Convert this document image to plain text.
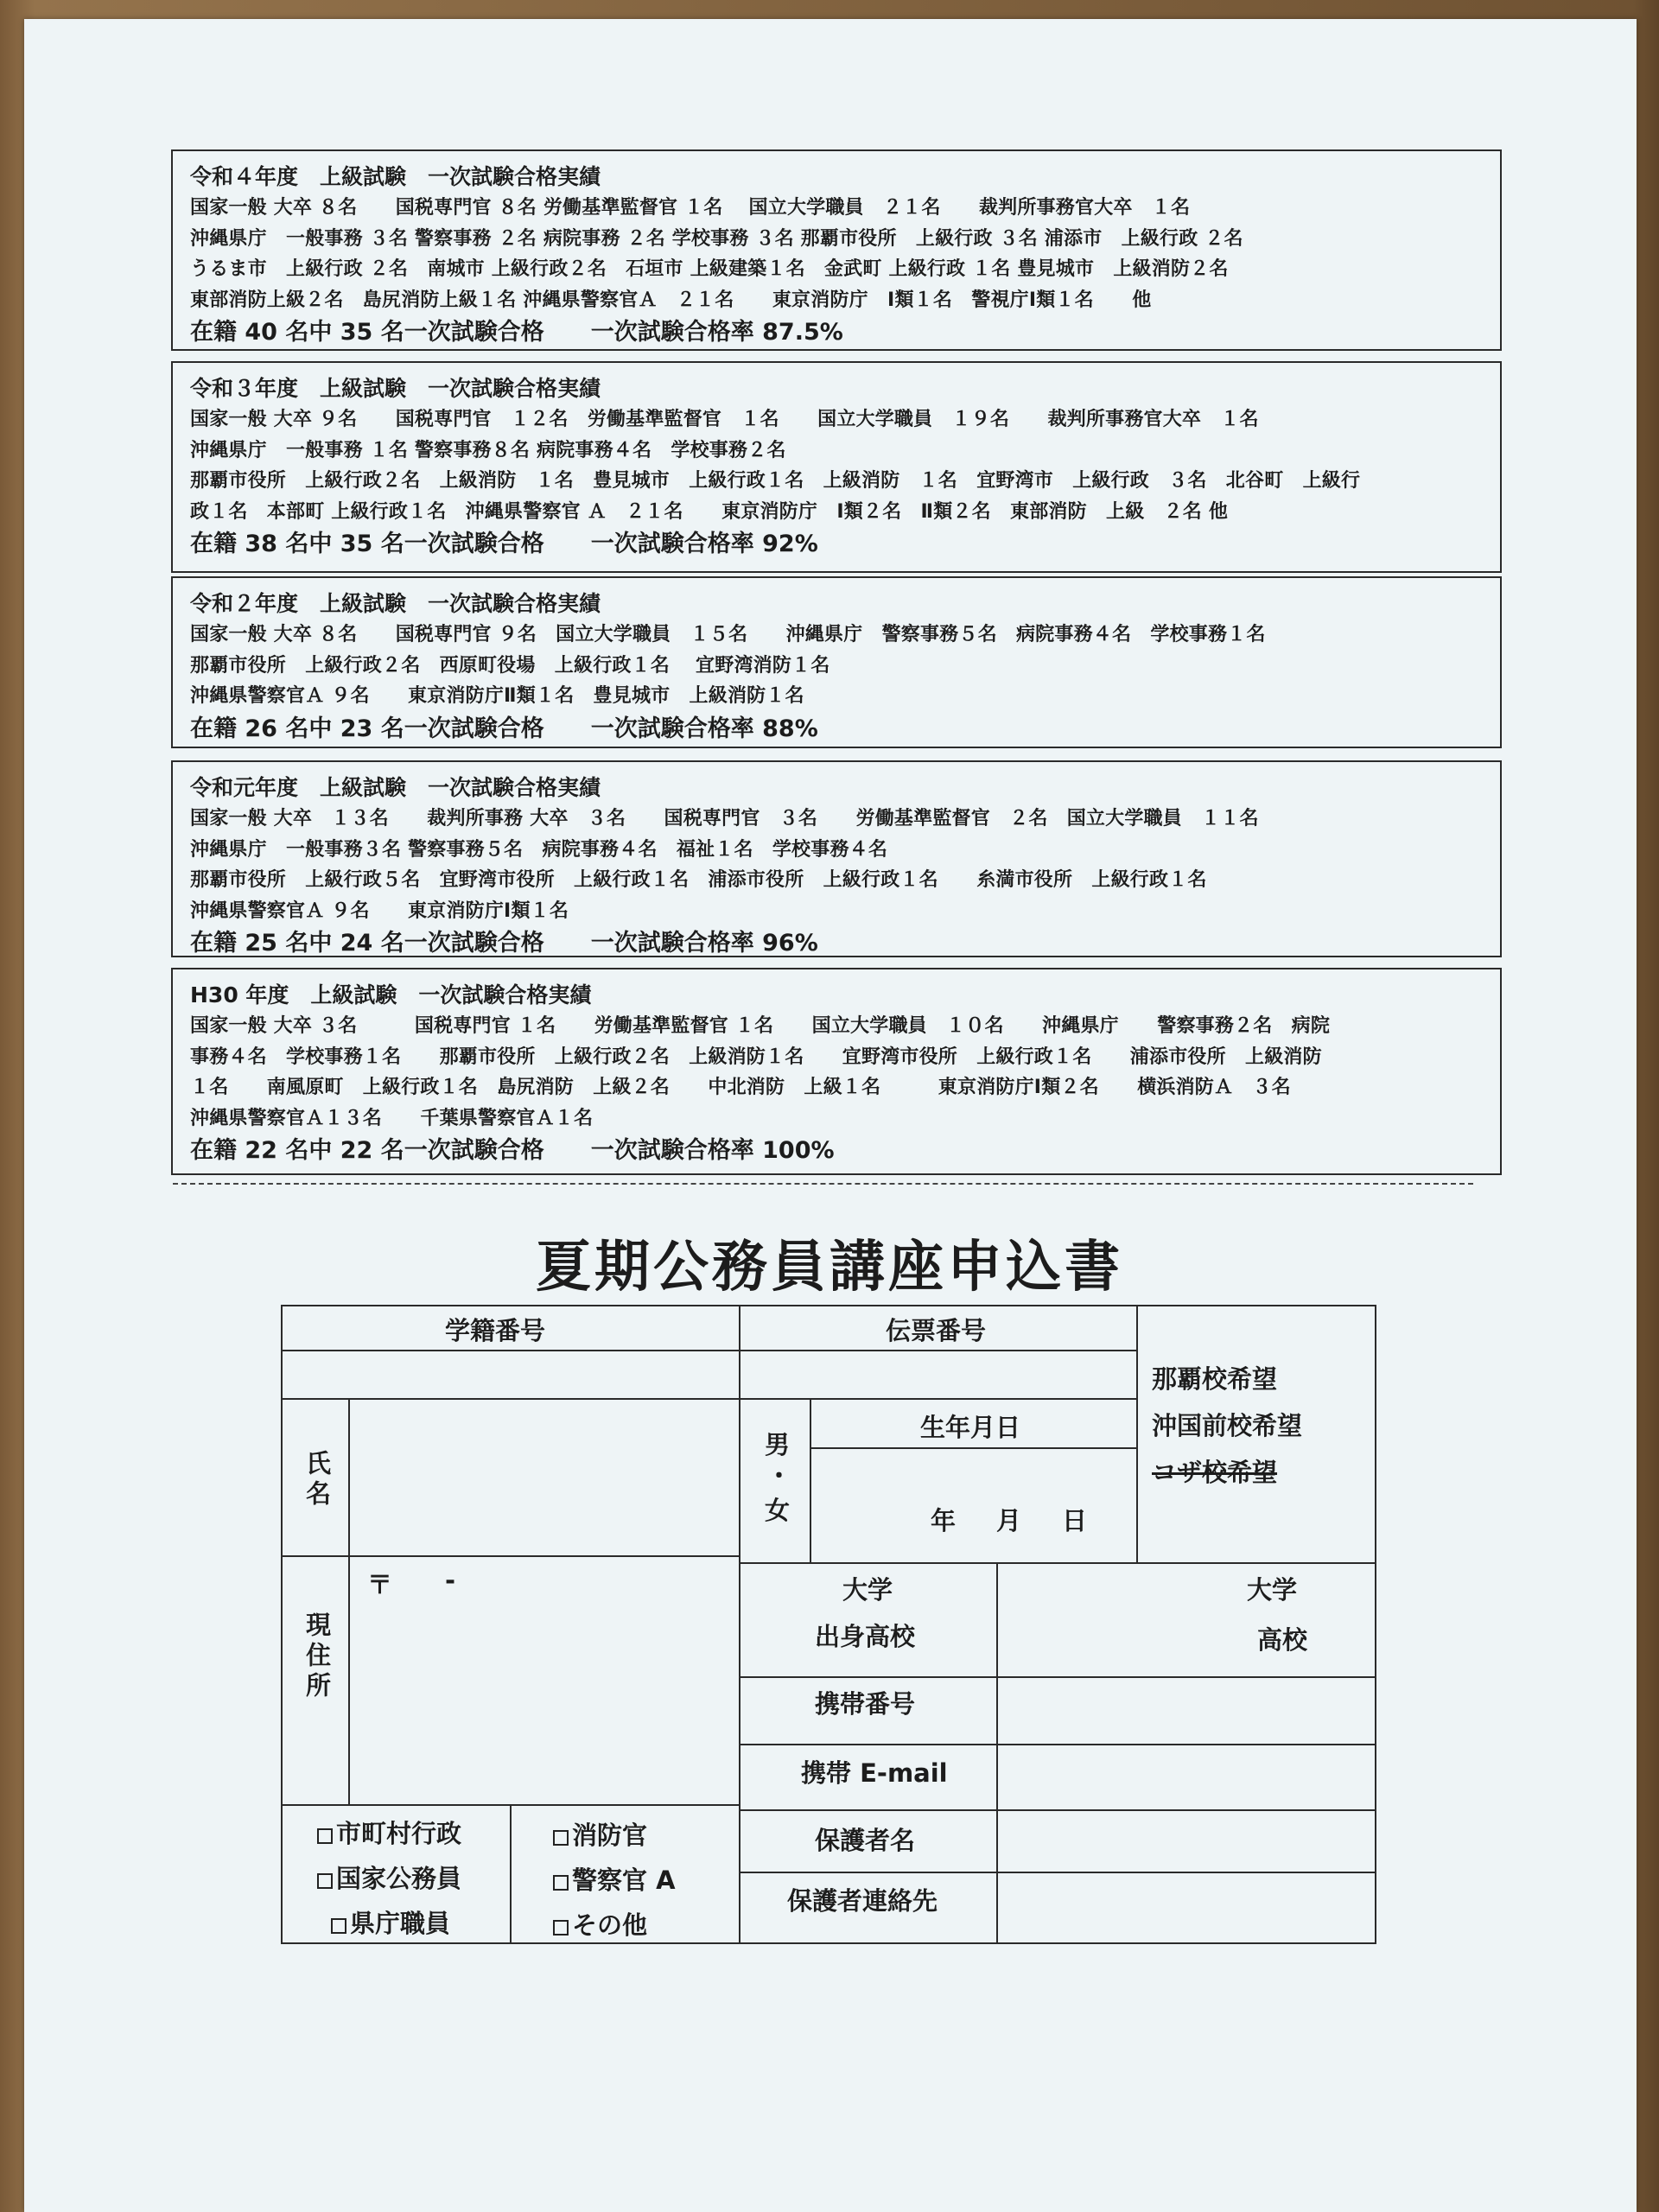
令和４年度　上級試験　一次試験合格実績
国家一般 大卒 ８名　　国税専門官 ８名 労働基準監督官 １名　 国立大学職員　２１名　　裁判所事務官大卒　１名
沖縄県庁　一般事務 ３名 警察事務 ２名 病院事務 ２名 学校事務 ３名 那覇市役所　上級行政 ３名 浦添市　上級行政 ２名
うるま市　上級行政 ２名　南城市 上級行政２名　石垣市 上級建築１名　金武町 上級行政 １名 豊見城市　上級消防２名
東部消防上級２名　島尻消防上級１名 沖縄県警察官Ａ　２１名　　東京消防庁　Ⅰ類１名　警視庁Ⅰ類１名　　他
在籍 40 名中 35 名一次試験合格　　一次試験合格率 87.5%
令和３年度　上級試験　一次試験合格実績
国家一般 大卒 ９名　　国税専門官　１２名　労働基準監督官　１名　　国立大学職員　１９名　　裁判所事務官大卒　１名
沖縄県庁　一般事務 １名 警察事務８名 病院事務４名　学校事務２名
那覇市役所　上級行政２名　上級消防　１名　豊見城市　上級行政１名　上級消防　１名　宜野湾市　上級行政　３名　北谷町　上級行
政１名　本部町 上級行政１名　沖縄県警察官 Ａ　２１名　　東京消防庁　Ⅰ類２名　Ⅱ類２名　東部消防　上級　２名 他
在籍 38 名中 35 名一次試験合格　　一次試験合格率 92%
令和２年度　上級試験　一次試験合格実績
国家一般 大卒 ８名　　国税専門官 ９名　国立大学職員　１５名　　沖縄県庁　警察事務５名　病院事務４名　学校事務１名
那覇市役所　上級行政２名　西原町役場　上級行政１名　 宜野湾消防１名
沖縄県警察官Ａ ９名　　東京消防庁Ⅱ類１名　豊見城市　上級消防１名
在籍 26 名中 23 名一次試験合格　　一次試験合格率 88%
令和元年度　上級試験　一次試験合格実績
国家一般 大卒　１３名　　裁判所事務 大卒　３名　　国税専門官　３名　　労働基準監督官　２名　国立大学職員　１１名
沖縄県庁　一般事務３名 警察事務５名　病院事務４名　福祉１名　学校事務４名
那覇市役所　上級行政５名　宜野湾市役所　上級行政１名　浦添市役所　上級行政１名　　糸満市役所　上級行政１名
沖縄県警察官Ａ ９名　　東京消防庁Ⅰ類１名
在籍 25 名中 24 名一次試験合格　　一次試験合格率 96%
H30 年度　上級試験　一次試験合格実績
国家一般 大卒 ３名　　　国税専門官 １名　　労働基準監督官 １名　　国立大学職員　１０名　　沖縄県庁　　警察事務２名　病院
事務４名　学校事務１名　　那覇市役所　上級行政２名　上級消防１名　　宜野湾市役所　上級行政１名　　浦添市役所　上級消防
１名　　南風原町　上級行政１名　島尻消防　上級２名　　中北消防　上級１名　　　東京消防庁Ⅰ類２名　　横浜消防Ａ　３名
沖縄県警察官Ａ１３名　　千葉県警察官Ａ１名
在籍 22 名中 22 名一次試験合格　　一次試験合格率 100%
夏期公務員講座申込書
学籍番号	伝票番号
那覇校希望
沖国前校希望
コザ校希望
氏名
男
・
女
生年月日
年 月 日
現住所
〒 -	大学
出身高校
大学
高校
携帯番号
携帯 E-mail
保護者名
保護者連絡先
市町村行政
国家公務員
県庁職員
消防官
警察官 A
その他
